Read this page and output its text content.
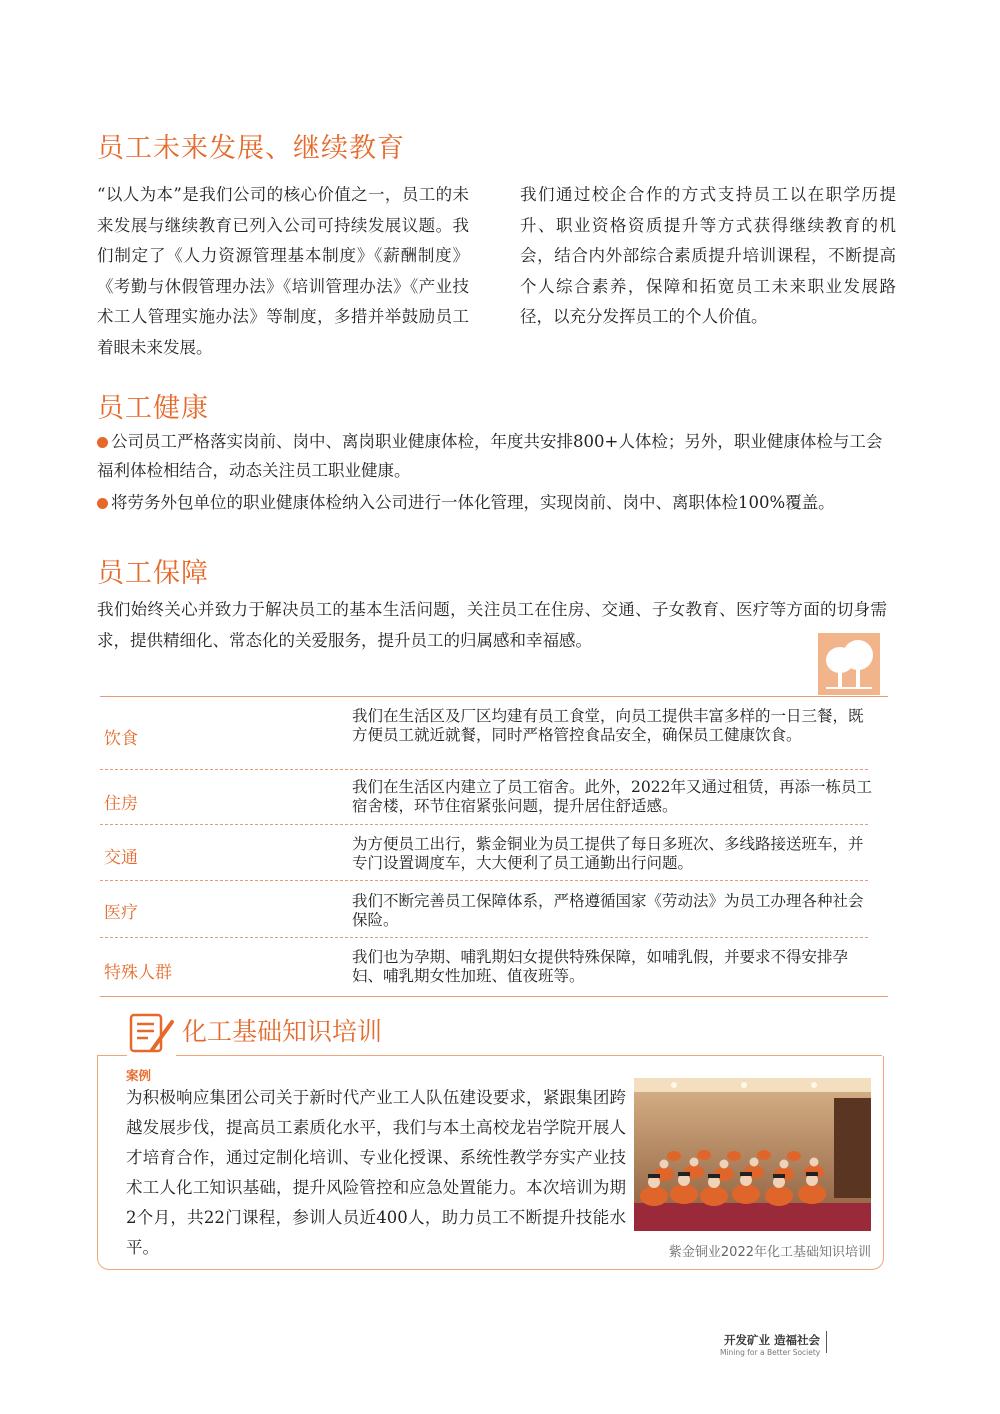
员工未来发展、继续教育

“以人为本”是我们公司的核心价值之一，员工的未来发展与继续教育已列入公司可持续发展议题。我们制定了《人力资源管理基本制度》《薪酬制度》《考勤与休假管理办法》《培训管理办法》《产业技术工人管理实施办法》等制度，多措并举鼓励员工着眼未来发展。

我们通过校企合作的方式支持员工以在职学历提升、职业资格资质提升等方式获得继续教育的机会，结合内外部综合素质提升培训课程，不断提高个人综合素养，保障和拓宽员工未来职业发展路径，以充分发挥员工的个人价值。

员工健康

公司员工严格落实岗前、岗中、离岗职业健康体检，年度共安排800+人体检；另外，职业健康体检与工会福利体检相结合，动态关注员工职业健康。

将劳务外包单位的职业健康体检纳入公司进行一体化管理，实现岗前、岗中、离职体检100%覆盖。

员工保障

我们始终关心并致力于解决员工的基本生活问题，关注员工在住房、交通、子女教育、医疗等方面的切身需求，提供精细化、常态化的关爱服务，提升员工的归属感和幸福感。

饮食

我们在生活区及厂区均建有员工食堂，向员工提供丰富多样的一日三餐，既方便员工就近就餐，同时严格管控食品安全，确保员工健康饮食。

住房

我们在生活区内建立了员工宿舍。此外，2022年又通过租赁，再添一栋员工宿舍楼，环节住宿紧张问题，提升居住舒适感。

交通

为方便员工出行，紫金铜业为员工提供了每日多班次、多线路接送班车，并专门设置调度车，大大便利了员工通勤出行问题。

医疗

我们不断完善员工保障体系，严格遵循国家《劳动法》为员工办理各种社会保险。

特殊人群

我们也为孕期、哺乳期妇女提供特殊保障，如哺乳假，并要求不得安排孕妇、哺乳期女性加班、值夜班等。

化工基础知识培训
案例

为积极响应集团公司关于新时代产业工人队伍建设要求，紧跟集团跨越发展步伐，提高员工素质化水平，我们与本土高校龙岩学院开展人才培育合作，通过定制化培训、专业化授课、系统性教学夯实产业技术工人化工知识基础，提升风险管控和应急处置能力。本次培训为期2个月，共22门课程，参训人员近400人，助力员工不断提升技能水平。	紫金铜业2022年化工基础知识培训
开发矿业 造福社会
Mining for a Better Society
